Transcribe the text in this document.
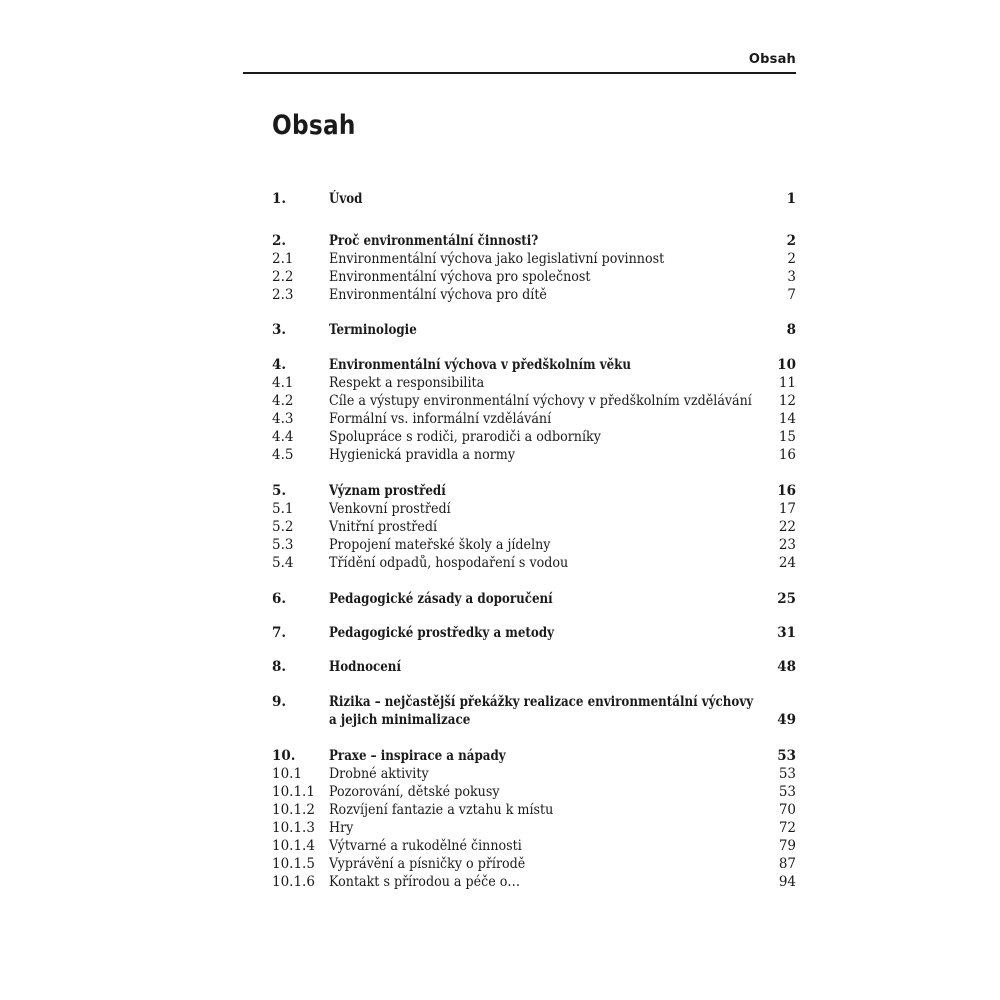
Obsah
Obsah
1.	Úvod	1
2.	Proč environmentální činnosti?	2
2.1	Environmentální výchova jako legislativní povinnost	2
2.2	Environmentální výchova pro společnost	3
2.3	Environmentální výchova pro dítě	7
3.	Terminologie	8
4.	Environmentální výchova v předškolním věku	10
4.1	Respekt a responsibilita	11
4.2	Cíle a výstupy environmentální výchovy v předškolním vzdělávání 12
4.3	Formální vs. informální vzdělávání	14
4.4	Spolupráce s rodiči, prarodiči a odborníky	15
4.5	Hygienická pravidla a normy	16
5.	Význam prostředí	16
5.1	Venkovní prostředí	17
5.2	Vnitřní prostředí	22
5.3	Propojení mateřské školy a jídelny	23
5.4	Třídění odpadů, hospodaření s vodou	24
6.	Pedagogické zásady a doporučení	25
7.	Pedagogické prostředky a metody	31
8.	Hodnocení	48
9.	Rizika – nejčastější překážky realizace environmentální výchovy
a jejich minimalizace	49
10. Praxe – inspirace a nápady	53
10.1 Drobné aktivity	53
10.1.1 Pozorování, dětské pokusy	53
10.1.2 Rozvíjení fantazie a vztahu k místu	70
10.1.3 Hry	72
10.1.4 Výtvarné a rukodělné činnosti	79
10.1.5 Vyprávění a písničky o přírodě	87
10.1.6 Kontakt s přírodou a péče o…	94
